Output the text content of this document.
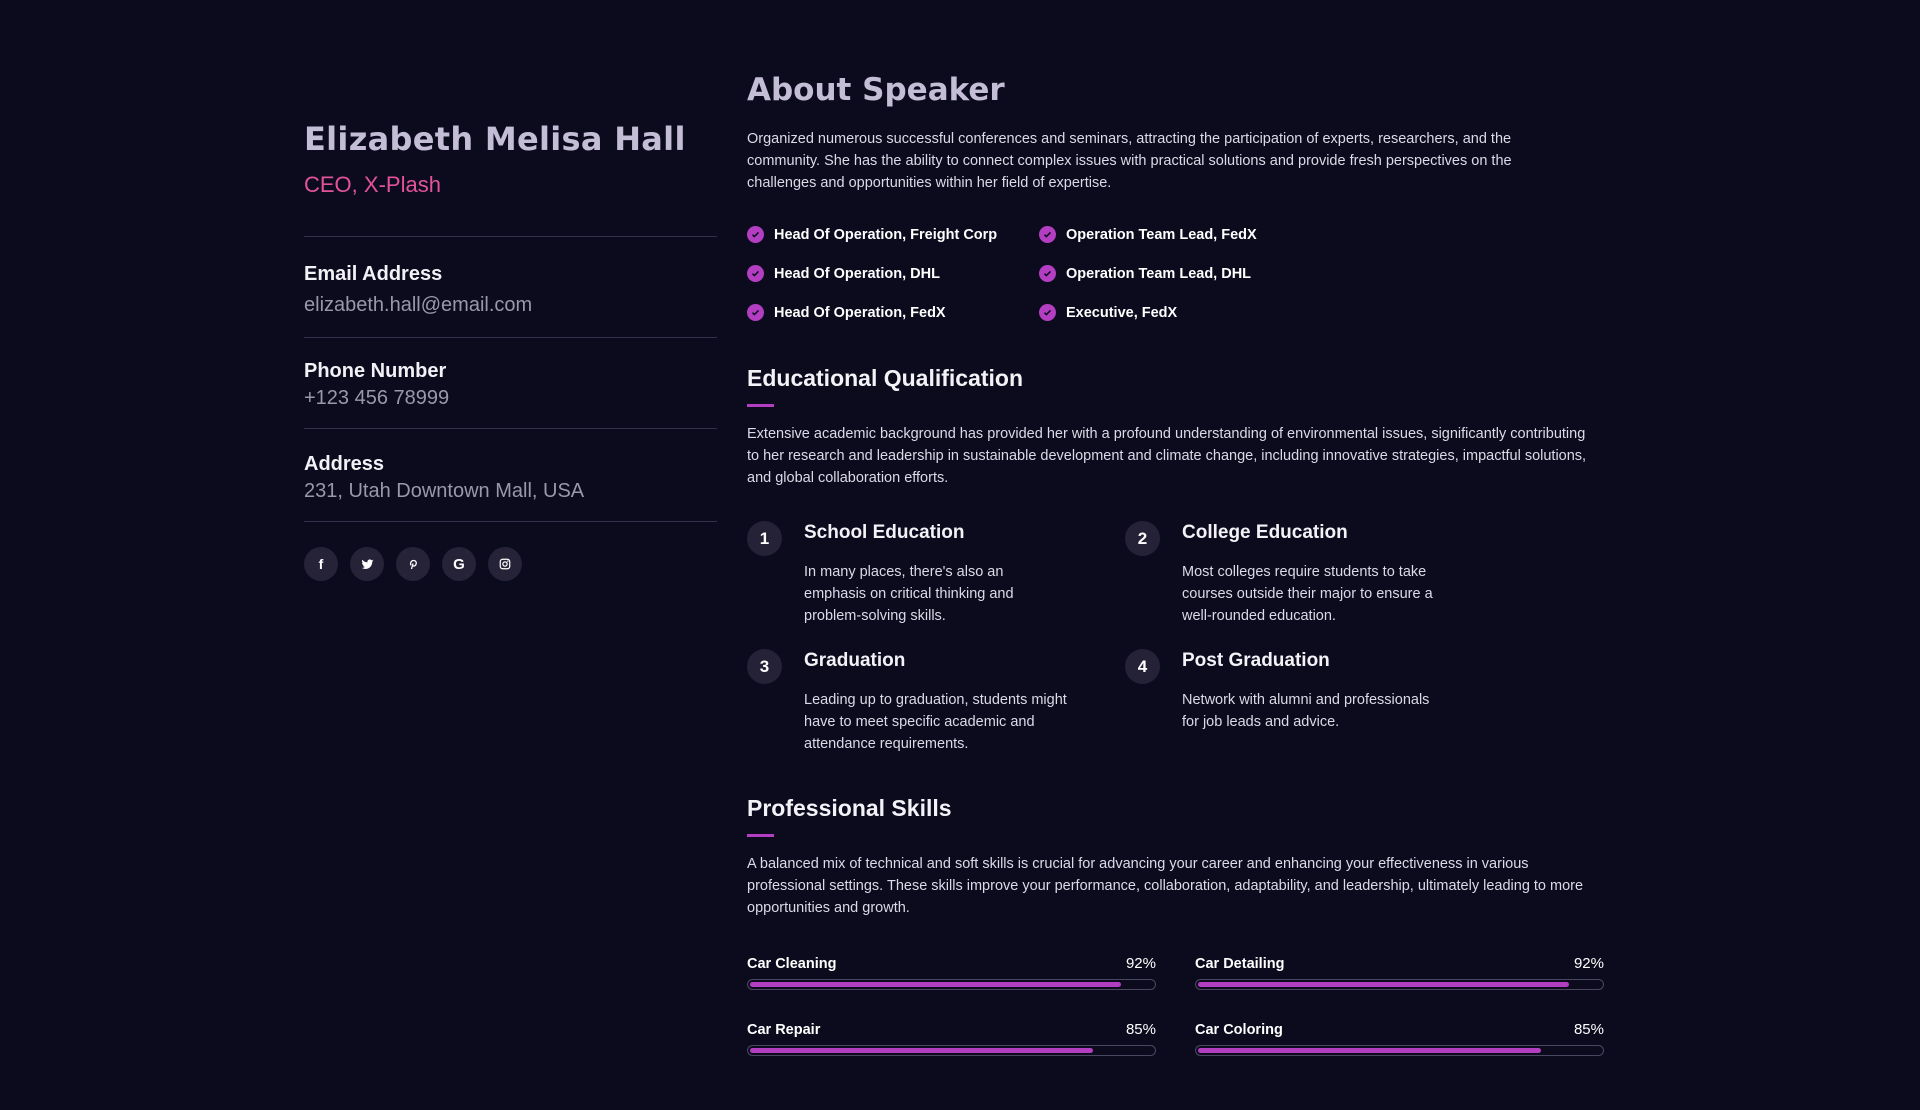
Elizabeth Melisa Hall
CEO, X-Plash
Email Address
elizabeth.hall@email.com
Phone Number
+123 456 78999
Address
231, Utah Downtown Mall, USA
f	G
About Speaker

Organized numerous successful conferences and seminars, attracting the participation of experts, researchers, and the community. She has the ability to connect complex issues with practical solutions and provide fresh perspectives on the challenges and opportunities within her field of expertise.

Head Of Operation, Freight Corp	Operation Team Lead, FedX
Head Of Operation, DHL	Operation Team Lead, DHL
Head Of Operation, FedX	Executive, FedX
Educational Qualification

Extensive academic background has provided her with a profound understanding of environmental issues, significantly contributing to her research and leadership in sustainable development and climate change, including innovative strategies, impactful solutions, and global collaboration efforts.

1	School Education
In many places, there's also an emphasis on critical thinking and problem-solving skills.
2	College Education
Most colleges require students to take courses outside their major to ensure a well-rounded education.
3	Graduation
Leading up to graduation, students might have to meet specific academic and attendance requirements.
4	Post Graduation
Network with alumni and professionals for job leads and advice.
Professional Skills

A balanced mix of technical and soft skills is crucial for advancing your career and enhancing your effectiveness in various professional settings. These skills improve your performance, collaboration, adaptability, and leadership, ultimately leading to more opportunities and growth.

Car Cleaning	92%	Car Detailing	92%
Car Repair	85%	Car Coloring	85%
